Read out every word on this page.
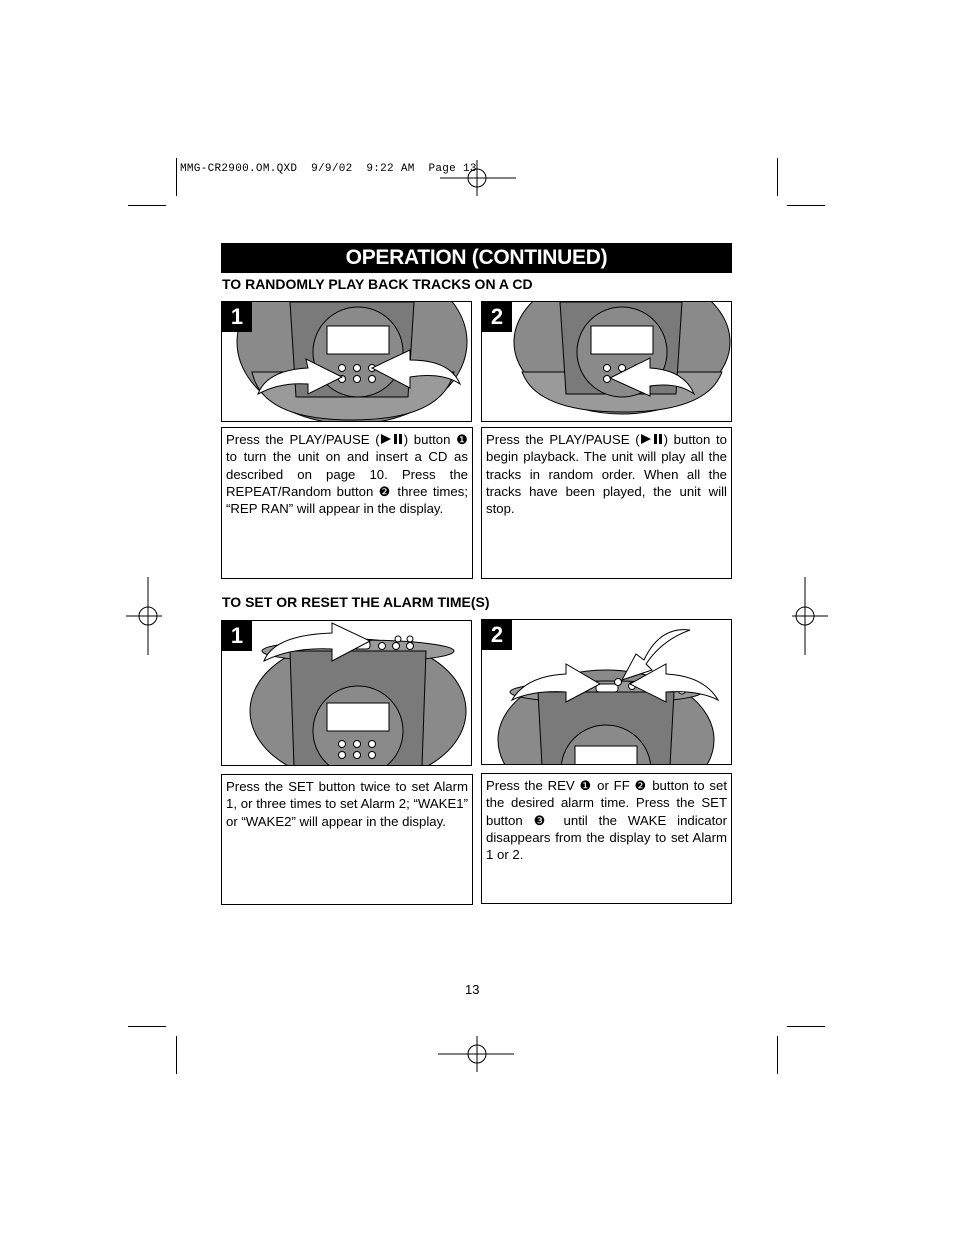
MMG-CR2900.OM.QXD  9/9/02  9:22 AM  Page 13
OPERATION (CONTINUED)
TO RANDOMLY PLAY BACK TRACKS ON A CD
1	2
Press the PLAY/PAUSE ( ) button ❶ to turn the unit on and insert a CD as described on page 10. Press the REPEAT/Random button ❷ three times; “REP RAN” will appear in the display.
Press the PLAY/PAUSE ( ) button to begin playback. The unit will play all the tracks in random order. When all the tracks have been played, the unit will stop.
TO SET OR RESET THE ALARM TIME(S)
1	2
Press the SET button twice to set Alarm 1, or three times to set Alarm 2; “WAKE1” or “WAKE2” will appear in the display.
Press the REV ❶ or FF ❷ button to set the desired alarm time. Press the SET button ❸ until the WAKE indicator disappears from the display to set Alarm 1 or 2.
13
